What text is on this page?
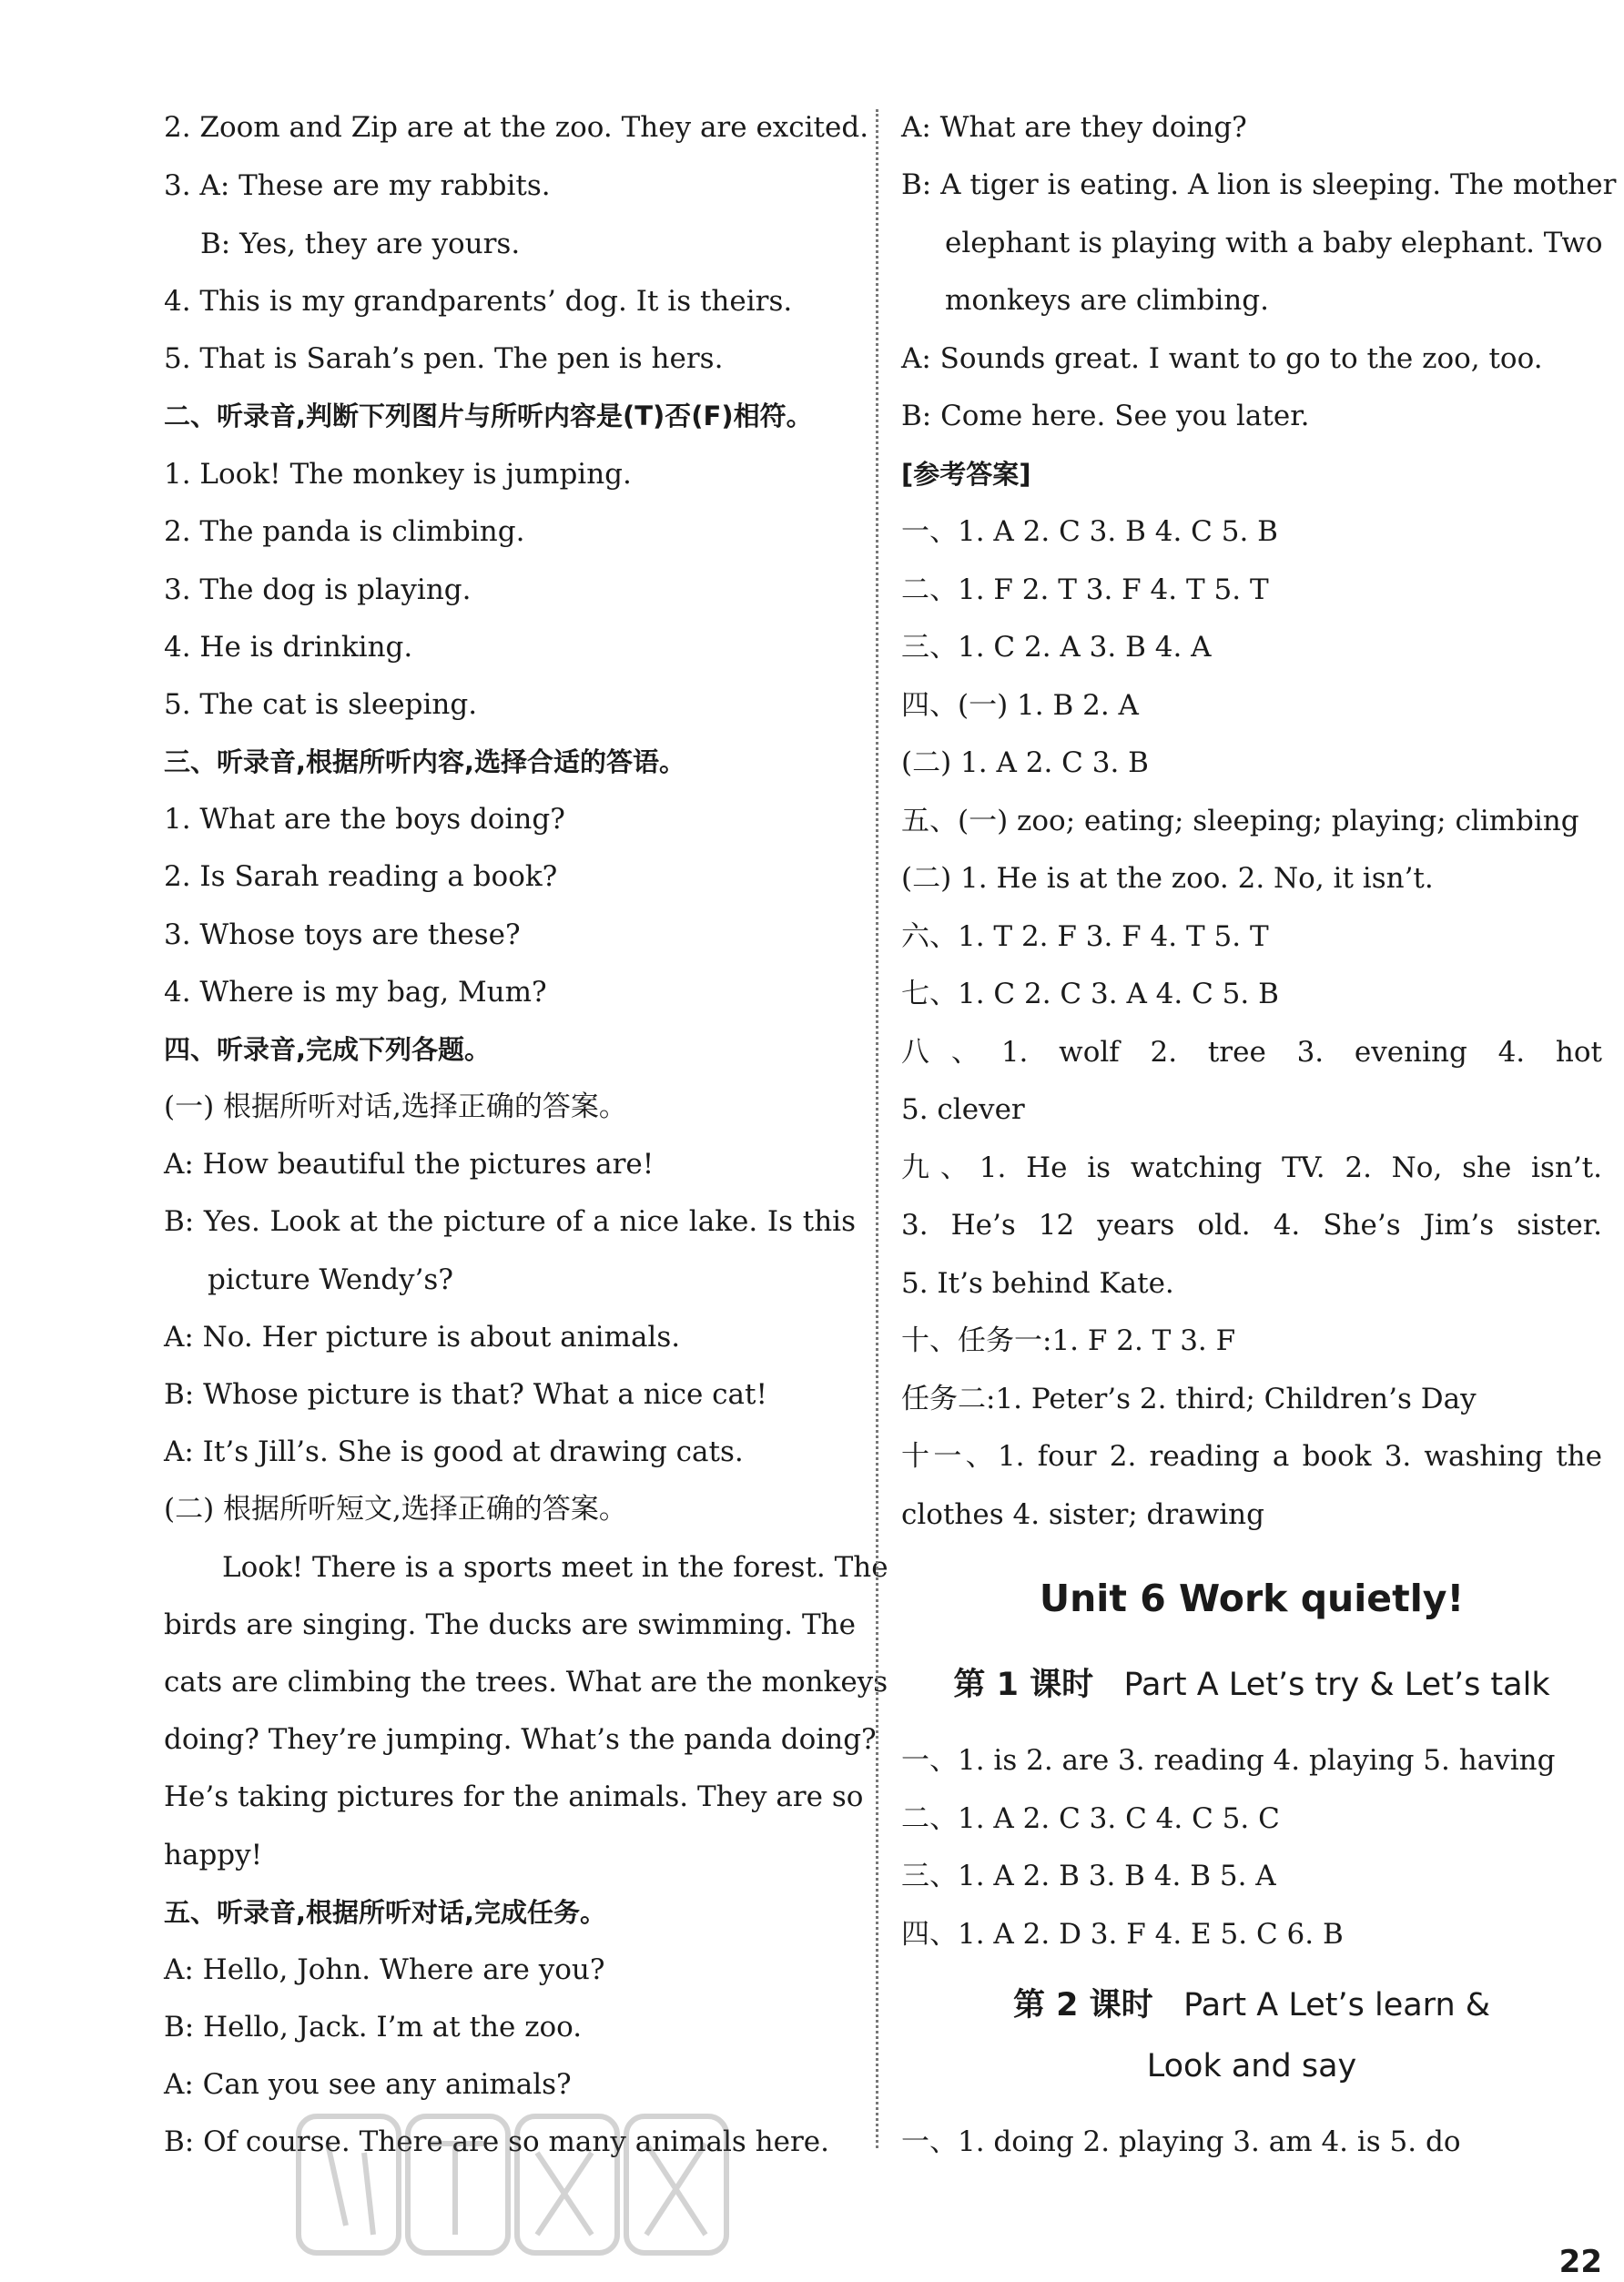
2. Zoom and Zip are at the zoo. They are excited.
3. A: These are my rabbits.
B: Yes, they are yours.
4. This is my grandparents’ dog. It is theirs.
5. That is Sarah’s pen. The pen is hers.
二、听录音,判断下列图片与所听内容是(T)否(F)相符。
1. Look! The monkey is jumping.
2. The panda is climbing.
3. The dog is playing.
4. He is drinking.
5. The cat is sleeping.
三、听录音,根据所听内容,选择合适的答语。
1. What are the boys doing?
2. Is Sarah reading a book?
3. Whose toys are these?
4. Where is my bag, Mum?
四、听录音,完成下列各题。
(一) 根据所听对话,选择正确的答案。
A: How beautiful the pictures are!
B: Yes. Look at the picture of a nice lake. Is this
picture Wendy’s?
A: No. Her picture is about animals.
B: Whose picture is that? What a nice cat!
A: It’s Jill’s. She is good at drawing cats.
(二) 根据所听短文,选择正确的答案。
Look! There is a sports meet in the forest. The
birds are singing. The ducks are swimming. The
cats are climbing the trees. What are the monkeys
doing? They’re jumping. What’s the panda doing?
He’s taking pictures for the animals. They are so
happy!
五、听录音,根据所听对话,完成任务。
A: Hello, John. Where are you?
B: Hello, Jack. I’m at the zoo.
A: Can you see any animals?
B: Of course. There are so many animals here.
A: What are they doing?
B: A tiger is eating. A lion is sleeping. The mother
elephant is playing with a baby elephant. Two
monkeys are climbing.
A: Sounds great. I want to go to the zoo, too.
B: Come here. See you later.
[参考答案]
一、1. A 2. C 3. B 4. C 5. B
二、1. F 2. T 3. F 4. T 5. T
三、1. C 2. A 3. B 4. A
四、(一) 1. B 2. A
(二) 1. A 2. C 3. B
五、(一) zoo; eating; sleeping; playing; climbing
(二) 1. He is at the zoo. 2. No, it isn’t.
六、1. T 2. F 3. F 4. T 5. T
七、1. C 2. C 3. A 4. C 5. B
八、1. wolf 2. tree 3. evening 4. hot
5. clever
九、1. He is watching TV. 2. No, she isn’t.
3. He’s 12 years old. 4. She’s Jim’s sister.
5. It’s behind Kate.
十、任务一:1. F 2. T 3. F
任务二:1. Peter’s 2. third; Children’s Day
十一、1. four 2. reading a book 3. washing the
clothes 4. sister; drawing
Unit 6 Work quietly!
第 1 课时 Part A Let’s try & Let’s talk
一、1. is 2. are 3. reading 4. playing 5. having
二、1. A 2. C 3. C 4. C 5. C
三、1. A 2. B 3. B 4. B 5. A
四、1. A 2. D 3. F 4. E 5. C 6. B
第 2 课时 Part A Let’s learn &
Look and say
一、1. doing 2. playing 3. am 4. is 5. do
22
